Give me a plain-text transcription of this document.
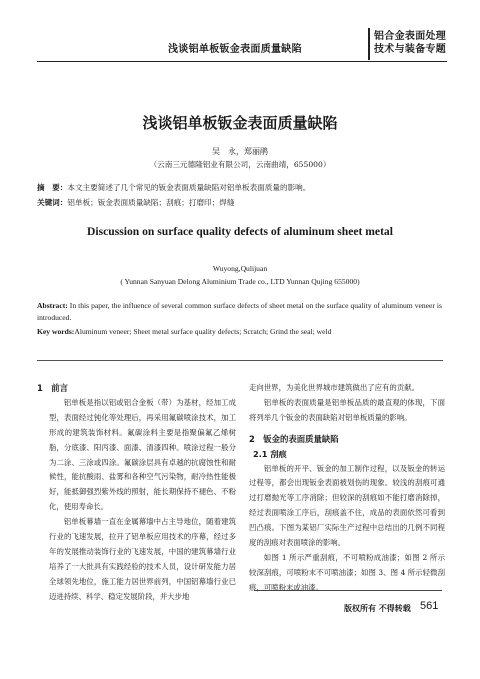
浅谈铝单板钣金表面质量缺陷
铝合金表面处理
技术与装备专题
浅谈铝单板钣金表面质量缺陷
吴　永，郑丽鹃
（云南三元德隆铝业有限公司，云南曲靖，655000）
摘　要：本文主要简述了几个常见的钣金表面质量缺陷对铝单板表面质量的影响。
关键词：铝单板；钣金表面质量缺陷；刮痕；打磨印；焊缝
Discussion on surface quality defects of aluminum sheet metal
Wuyong,Qulijuan
( Yunnan Sanyuan Delong Aluminium Trade co., LTD Yunnan Qujing 655000)
Abstract: In this paper, the influence of several common surface defects of sheet metal on the surface quality of aluminum veneer is introduced.
Key words:Aluminum veneer; Sheet metal surface quality defects; Scratch; Grind the seal; weld
1　前言

铝单板是指以铝或铝合金板（带）为基材，经加工成型，表面经过钝化等处理后，再采用氟碳喷涂技术，加工形成的建筑装饰材料。氟碳涂料主要是指聚偏氟乙烯树脂，分底漆、阳丙漆、面漆、清漆四种。喷涂过程一般分为二涂、三涂或四涂。氟碳涂层具有卓越的抗腐蚀性和耐候性，能抗酸雨、盐雾和各种空气污染物，耐冷热性能极好，能抵御强烈紫外线的照射，能长期保持不褪色、不粉化，使用寿命长。

铝单板幕墙一直在金属幕墙中占主导地位，随着建筑行业的飞速发展，拉开了铝单板应用技术的序幕，经过多年的发展推动装饰行业的飞速发展，中国的建筑幕墙行业培养了一大批具有实践经验的技术人员，设计研发能力居全球领先地位，施工能力居世界前列，中国铝幕墙行业已迈进持续、科学、稳定发展阶段，并大步地

走向世界，为美化世界城市建筑做出了应有的贡献。

铝单板的表面质量是铝单板品质的最直观的体现，下面将列举几个钣金的表面缺陷对铝单板质量的影响。

2　钣金的表面质量缺陷
2.1 刮痕

铝单板的开平、钣金的加工制作过程，以及钣金的转运过程等，都会出现钣金表面被划伤的现象。较浅的刮痕可通过打磨抛光等工序消除；但较深的刮痕如不能打磨消除掉，经过表面喷涂工序后，刮痕盖不住，成品的表面依然可看到凹凸痕。下图为某铝厂实际生产过程中总结出的几例不同程度的刮痕对表面喷涂的影响。

如图 1 所示严重刮痕，不可喷粉成油漆；如图 2 所示较深刮痕，可喷粉末不可喷油漆；如图 3、图 4 所示轻微刮痕，可喷粉末或油漆。

版权所有 不得转载 561
